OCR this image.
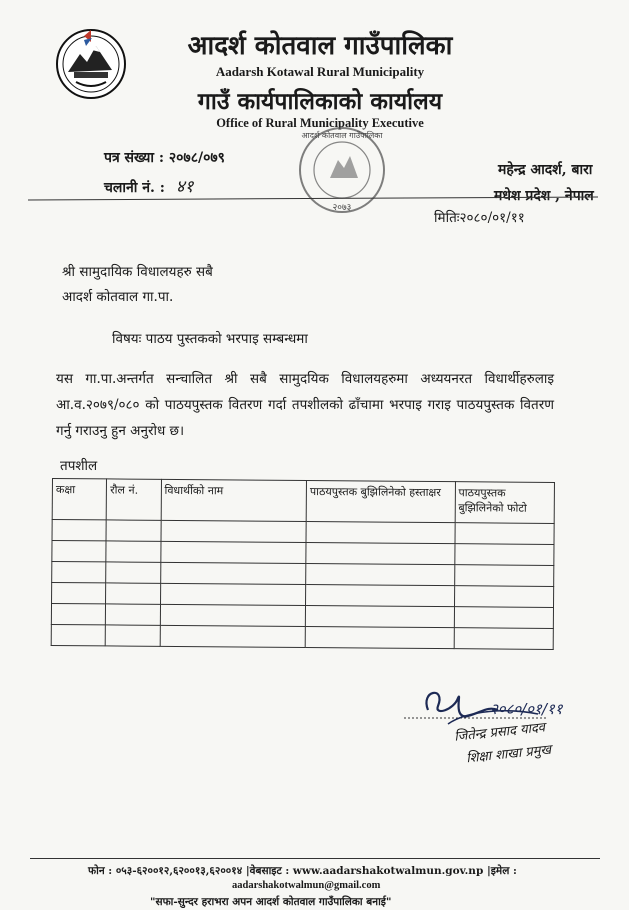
आदर्श कोतवाल गाउँपालिका
Aadarsh Kotawal Rural Municipality
गाउँ कार्यपालिकाको कार्यालय
Office of Rural Municipality Executive
पत्र संख्या : २०७८/०७९
चलानी नं. : ४१
महेन्द्र आदर्श, बारा
मधेश प्रदेश , नेपाल
आदर्श कोतवाल गाउँपालिका
२०७३
मितिः२०८०/०१/११
श्री सामुदायिक विधालयहरु सबै
आदर्श कोतवाल गा.पा.
विषयः पाठय पुस्तकको भरपाइ सम्बन्धमा
यस गा.पा.अन्तर्गत सन्चालित श्री सबै सामुदयिक विधालयहरुमा अध्ययनरत विधार्थीहरुलाइ आ.व.२०७९/०८० को पाठयपुस्तक वितरण गर्दा तपशीलको ढाँचामा भरपाइ गराइ पाठयपुस्तक वितरण गर्नु गराउनु हुन अनुरोध छ।
तपशील
कक्षा	रौल नं.	विधार्थीको नाम	पाठयपुस्तक बुझिलिनेको हस्ताक्षर	पाठयपुस्तक बुझिलिनेको फोटो

२०८०/०१/११
जितेन्द्र प्रसाद यादव
शिक्षा शाखा प्रमुख
फोन : ०५३-६२००१२,६२००१३,६२००१४ |वेबसाइट : www.aadarshakotwalmun.gov.np |इमेल :
aadarshakotwalmun@gmail.com
"सफा-सुन्दर हराभरा अपन आदर्श कोतवाल गाउँपालिका बनाई"
